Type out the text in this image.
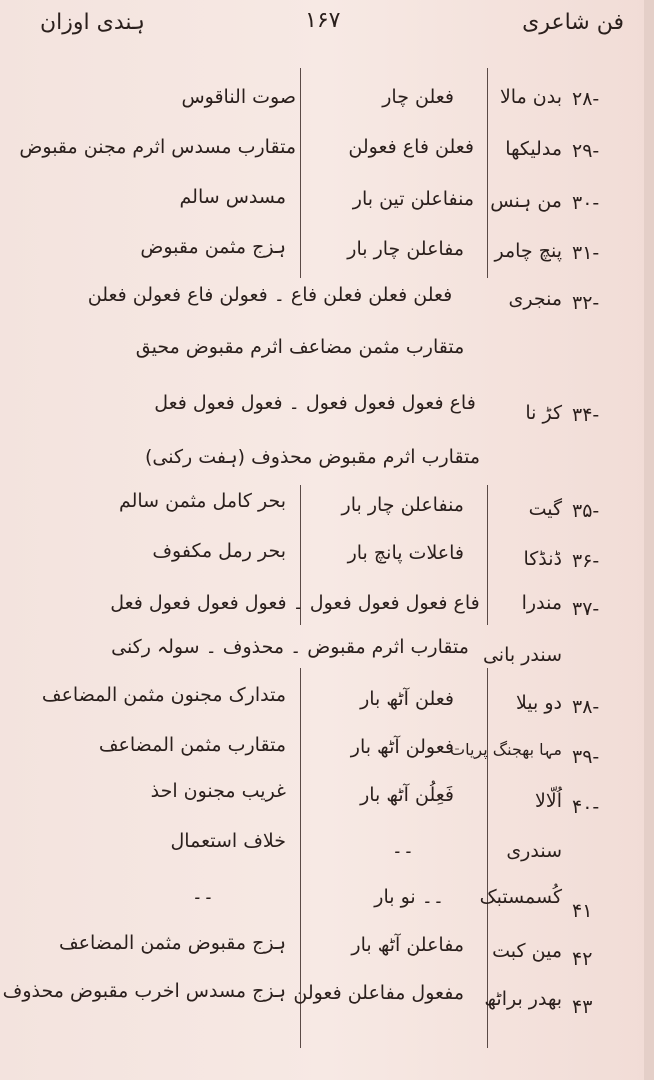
ہندی اوزان	۱۶۷	فن شاعری
-۲۸
بدن مالا
فعلن چار
صوت الناقوس
-۲۹
مدلیکھا
فعلن فاع فعولن
متقارب مسدس اثرم مجنن مقبوض
-۳۰
من ہنس
منفاعلن تین بار
مسدس سالم
-۳۱
پنچ چامر
مفاعلن چار بار
ہزج مثمن مقبوض
-۳۲
منجری
فعلن فعلن فعلن فاع ۔ فعولن فاع فعولن فعلن
متقارب مثمن مضاعف اثرم مقبوض محیق
-۳۴
کڑ نا
فاع فعول فعول فعول ۔ فعول فعول فعل
متقارب اثرم مقبوض محذوف (ہفت رکنی)
-۳۵
گیت
منفاعلن چار بار
بحر کامل مثمن سالم
-۳۶
ڈنڈکا
فاعلات پانچ بار
بحر رمل مکفوف
-۳۷
مندرا
فاع فعول فعول فعول ۔ فعول فعول فعول فعل
سندر بانی
متقارب اثرم مقبوض ۔ محذوف ۔ سولہ رکنی
-۳۸
دو بیلا
فعلن آٹھ بار
متدارک مجنون مثمن المضاعف
-۳۹
مہا بھجنگ پریات
فعولن آٹھ بار
متقارب مثمن المضاعف
-۴۰
اُلّالا
فَعِلُن آٹھ بار
غریب مجنون احذ
سندری
۔۔
خلاف استعمال
۴۱
کُسمستبک
۔۔ نو بار
۔۔
۴۲
مین کبت
مفاعلن آٹھ بار
ہزج مقبوض مثمن المضاعف
۴۳
بھدر براٹھ
مفعول مفاعلن فعولن
ہزج مسدس اخرب مقبوض محذوف
